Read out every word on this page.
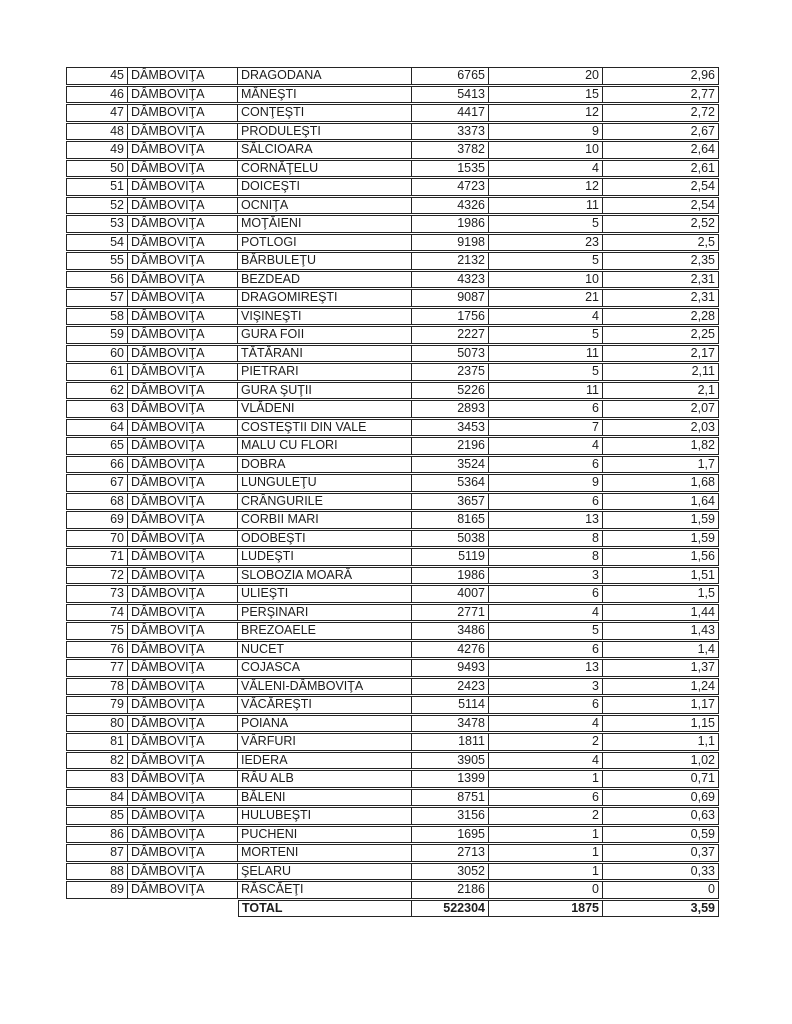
45	DÂMBOVIŢA	DRAGODANA	6765	20	2,96
46	DÂMBOVIŢA	MĂNEŞTI	5413	15	2,77
47	DÂMBOVIŢA	CONŢEŞTI	4417	12	2,72
48	DÂMBOVIŢA	PRODULEŞTI	3373	9	2,67
49	DÂMBOVIŢA	SĂLCIOARA	3782	10	2,64
50	DÂMBOVIŢA	CORNĂŢELU	1535	4	2,61
51	DÂMBOVIŢA	DOICEŞTI	4723	12	2,54
52	DÂMBOVIŢA	OCNIŢA	4326	11	2,54
53	DÂMBOVIŢA	MOŢĂIENI	1986	5	2,52
54	DÂMBOVIŢA	POTLOGI	9198	23	2,5
55	DÂMBOVIŢA	BĂRBULEŢU	2132	5	2,35
56	DÂMBOVIŢA	BEZDEAD	4323	10	2,31
57	DÂMBOVIŢA	DRAGOMIREŞTI	9087	21	2,31
58	DÂMBOVIŢA	VIŞINEŞTI	1756	4	2,28
59	DÂMBOVIŢA	GURA FOII	2227	5	2,25
60	DÂMBOVIŢA	TĂTĂRANI	5073	11	2,17
61	DÂMBOVIŢA	PIETRARI	2375	5	2,11
62	DÂMBOVIŢA	GURA ŞUŢII	5226	11	2,1
63	DÂMBOVIŢA	VLĂDENI	2893	6	2,07
64	DÂMBOVIŢA	COSTEŞTII DIN VALE	3453	7	2,03
65	DÂMBOVIŢA	MALU CU FLORI	2196	4	1,82
66	DÂMBOVIŢA	DOBRA	3524	6	1,7
67	DÂMBOVIŢA	LUNGULEŢU	5364	9	1,68
68	DÂMBOVIŢA	CRÂNGURILE	3657	6	1,64
69	DÂMBOVIŢA	CORBII MARI	8165	13	1,59
70	DÂMBOVIŢA	ODOBEŞTI	5038	8	1,59
71	DÂMBOVIŢA	LUDEŞTI	5119	8	1,56
72	DÂMBOVIŢA	SLOBOZIA MOARĂ	1986	3	1,51
73	DÂMBOVIŢA	ULIEŞTI	4007	6	1,5
74	DÂMBOVIŢA	PERŞINARI	2771	4	1,44
75	DÂMBOVIŢA	BREZOAELE	3486	5	1,43
76	DÂMBOVIŢA	NUCET	4276	6	1,4
77	DÂMBOVIŢA	COJASCA	9493	13	1,37
78	DÂMBOVIŢA	VĂLENI-DÂMBOVIŢA	2423	3	1,24
79	DÂMBOVIŢA	VĂCĂREŞTI	5114	6	1,17
80	DÂMBOVIŢA	POIANA	3478	4	1,15
81	DÂMBOVIŢA	VÂRFURI	1811	2	1,1
82	DÂMBOVIŢA	IEDERA	3905	4	1,02
83	DÂMBOVIŢA	RÂU ALB	1399	1	0,71
84	DÂMBOVIŢA	BĂLENI	8751	6	0,69
85	DÂMBOVIŢA	HULUBEŞTI	3156	2	0,63
86	DÂMBOVIŢA	PUCHENI	1695	1	0,59
87	DÂMBOVIŢA	MORTENI	2713	1	0,37
88	DÂMBOVIŢA	ŞELARU	3052	1	0,33
89	DÂMBOVIŢA	RĂSCĂEŢI	2186	0	0
		TOTAL	522304	1875	3,59
